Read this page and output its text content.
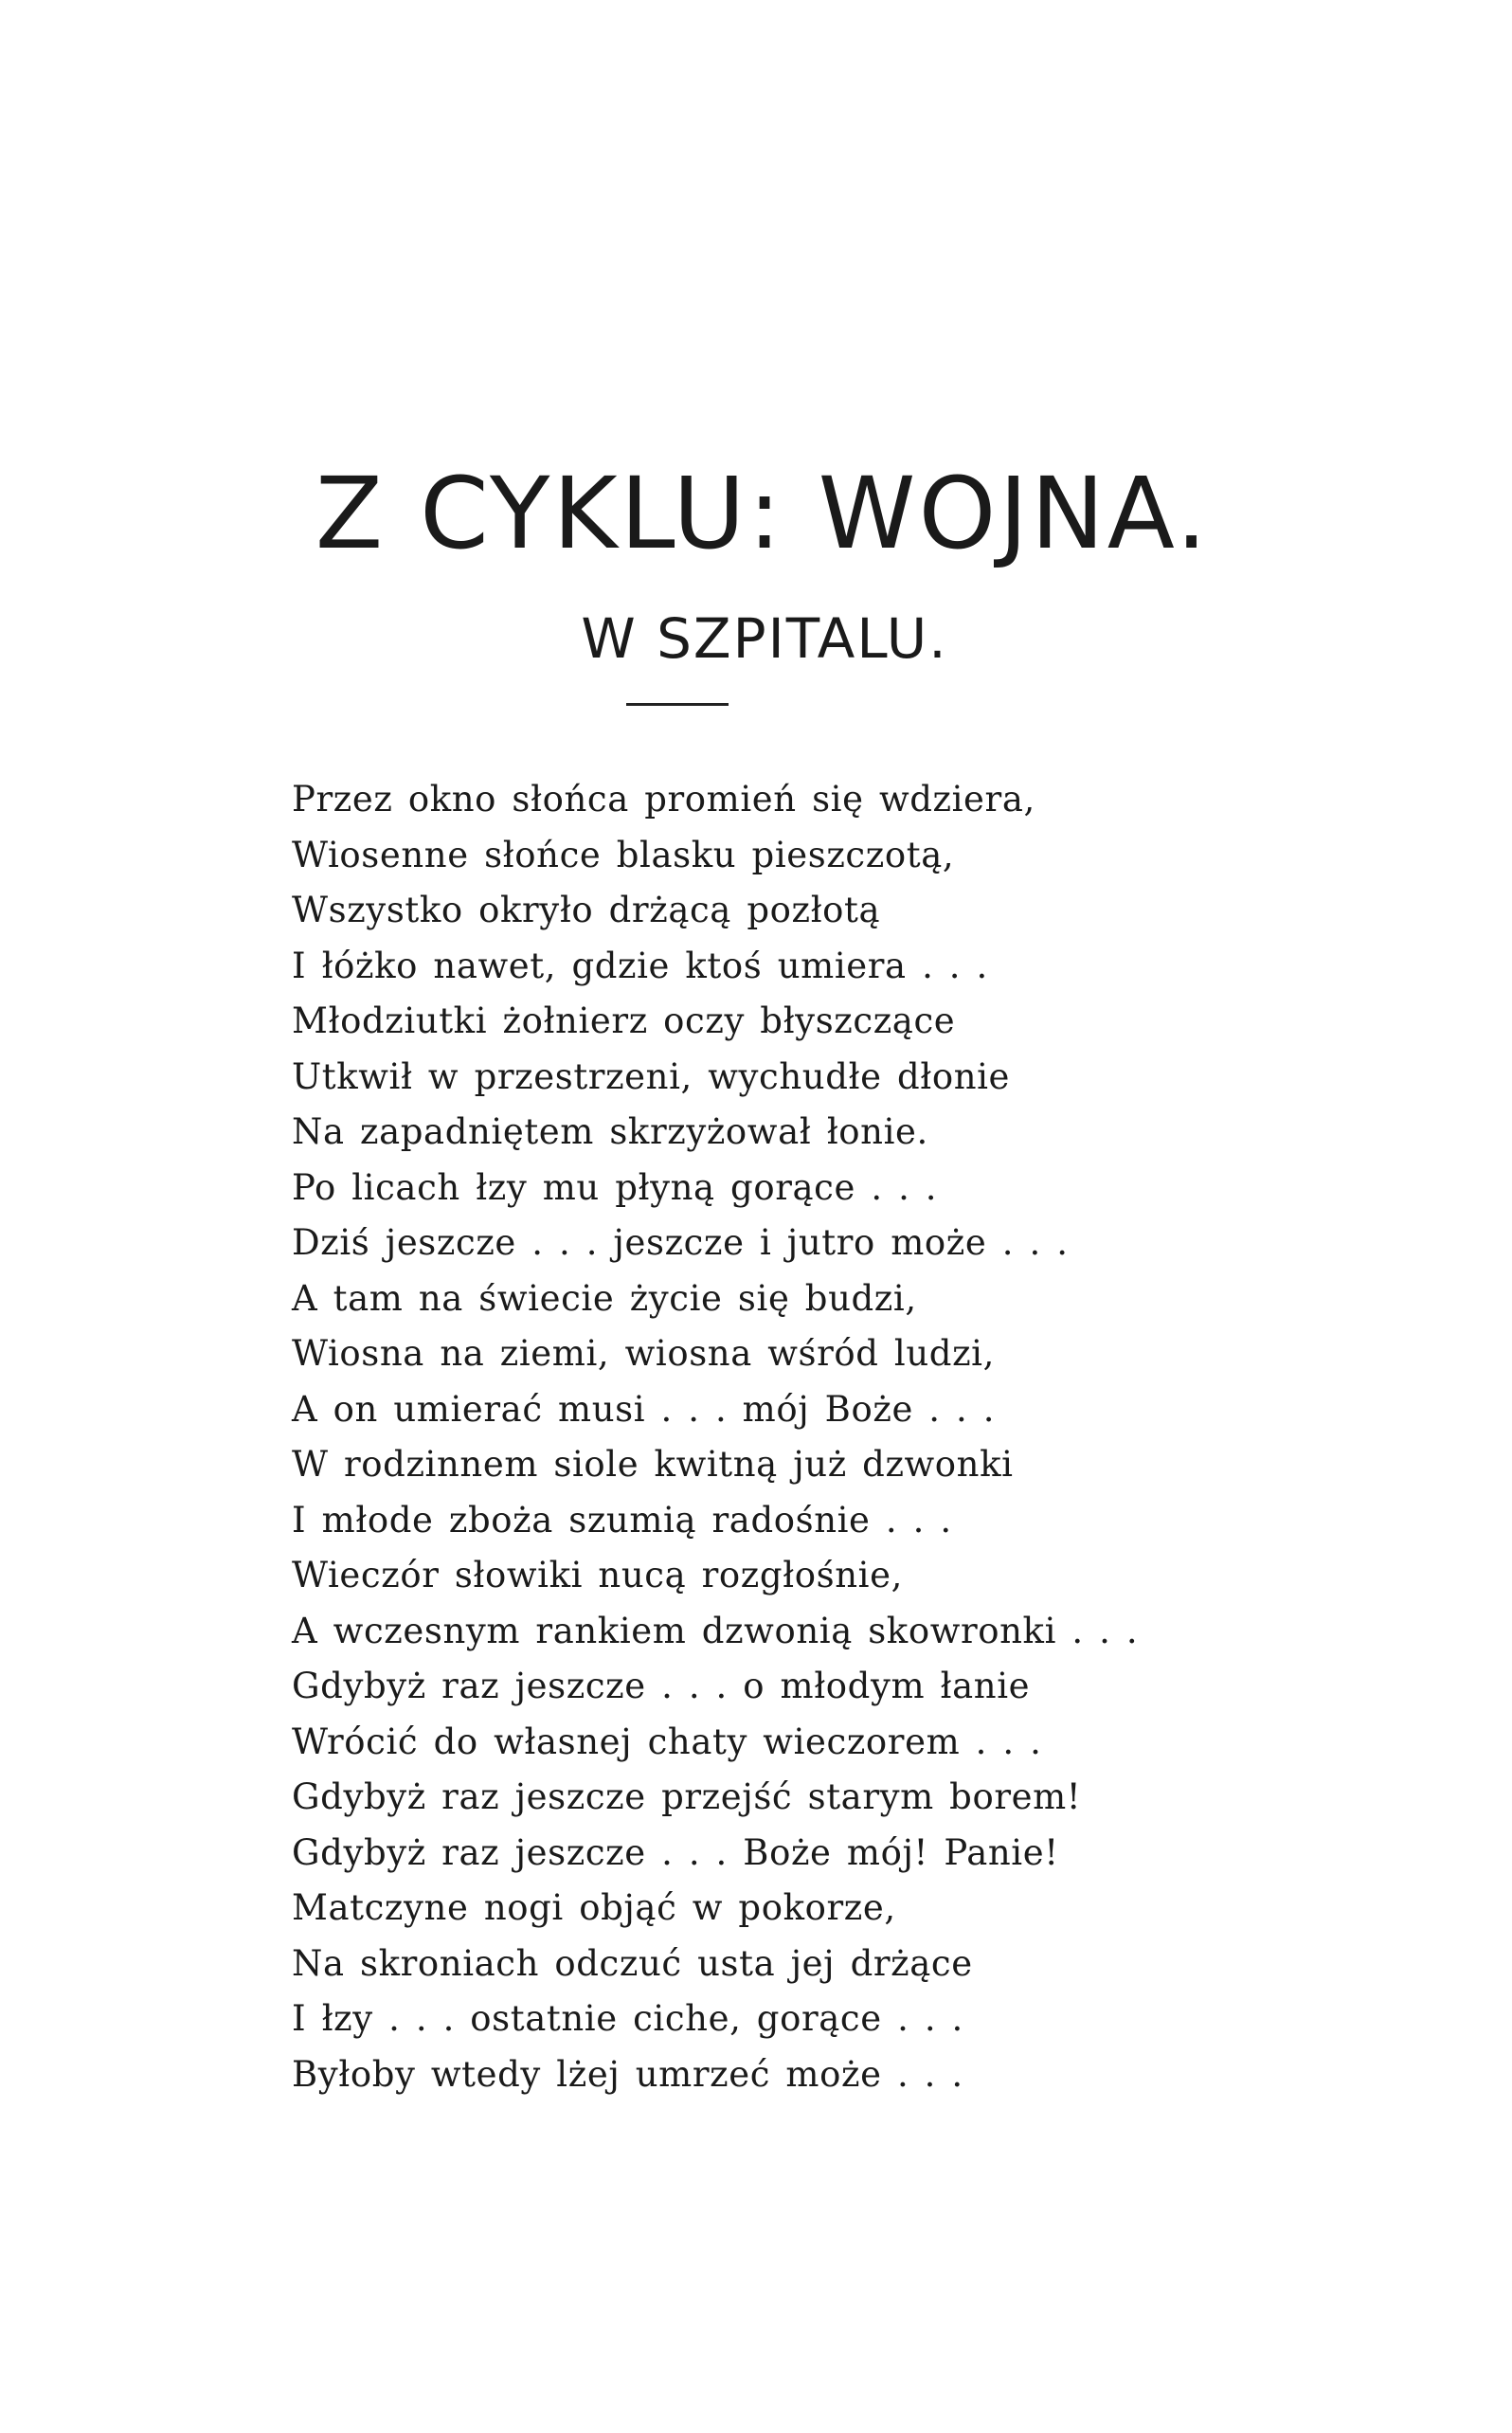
Z CYKLU: WOJNA.
W SZPITALU.
Przez okno słońca promień się wdziera,
Wiosenne słońce blasku pieszczotą,
Wszystko okryło drżącą pozłotą
I łóżko nawet, gdzie ktoś umiera . . .
Młodziutki żołnierz oczy błyszczące
Utkwił w przestrzeni, wychudłe dłonie
Na zapadniętem skrzyżował łonie.
Po licach łzy mu płyną gorące . . .
Dziś jeszcze . . . jeszcze i jutro może . . .
A tam na świecie życie się budzi,
Wiosna na ziemi, wiosna wśród ludzi,
A on umierać musi . . . mój Boże . . .
W rodzinnem siole kwitną już dzwonki
I młode zboża szumią radośnie . . .
Wieczór słowiki nucą rozgłośnie,
A wczesnym rankiem dzwonią skowronki . . .
Gdybyż raz jeszcze . . . o młodym łanie
Wrócić do własnej chaty wieczorem . . .
Gdybyż raz jeszcze przejść starym borem!
Gdybyż raz jeszcze . . . Boże mój! Panie!
Matczyne nogi objąć w pokorze,
Na skroniach odczuć usta jej drżące
I łzy . . . ostatnie ciche, gorące . . .
Byłoby wtedy lżej umrzeć może . . .
